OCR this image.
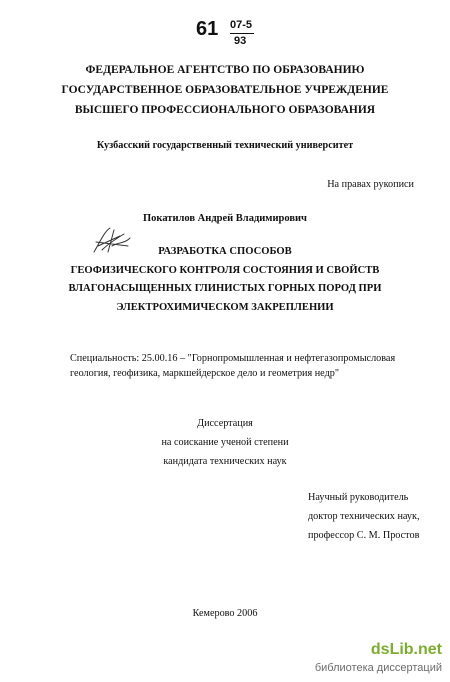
61 07-5
93
ФЕДЕРАЛЬНОЕ АГЕНТСТВО ПО ОБРАЗОВАНИЮ
ГОСУДАРСТВЕННОЕ ОБРАЗОВАТЕЛЬНОЕ УЧРЕЖДЕНИЕ
ВЫСШЕГО ПРОФЕССИОНАЛЬНОГО ОБРАЗОВАНИЯ
Кузбасский государственный технический университет
На правах рукописи
Покатилов Андрей Владимирович
РАЗРАБОТКА СПОСОБОВ
ГЕОФИЗИЧЕСКОГО КОНТРОЛЯ СОСТОЯНИЯ И СВОЙСТВ
ВЛАГОНАСЫЩЕННЫХ ГЛИНИСТЫХ ГОРНЫХ ПОРОД ПРИ
ЭЛЕКТРОХИМИЧЕСКОМ ЗАКРЕПЛЕНИИ
Специальность: 25.00.16 – "Горнопромышленная и нефтегазопромысловая
геология, геофизика, маркшейдерское дело и геометрия недр"
Диссертация
на соискание ученой степени
кандидата технических наук
Научный руководитель
доктор технических наук,
профессор С. М. Простов
Кемерово 2006
dsLib.net
библиотека диссертаций
